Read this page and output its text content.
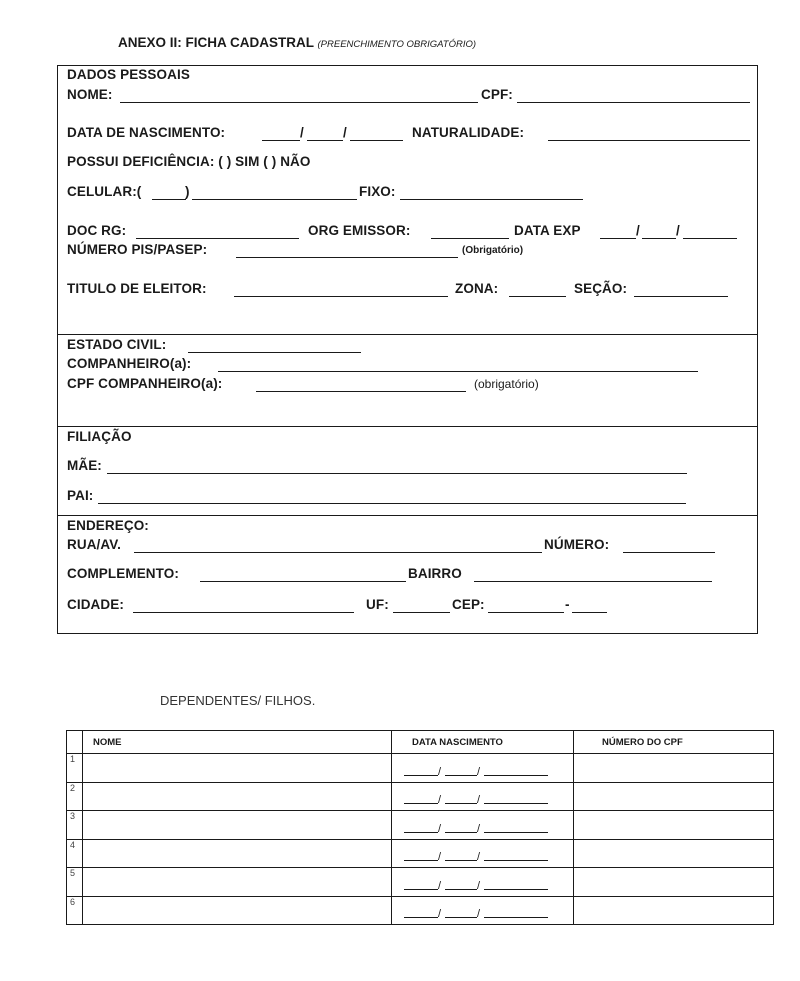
ANEXO II: FICHA CADASTRAL (PREENCHIMENTO OBRIGATÓRIO)
DADOS PESSOAIS
NOME:	CPF:
DATA DE NASCIMENTO:	/	/	NATURALIDADE:
POSSUI DEFICIÊNCIA: ( ) SIM ( ) NÃO
CELULAR:(	)	FIXO:
DOC RG:	ORG EMISSOR:	DATA EXP	/	/
NÚMERO PIS/PASEP:	(Obrigatório)
TITULO DE ELEITOR:	ZONA:	SEÇÃO:
ESTADO CIVIL:
COMPANHEIRO(a):
CPF COMPANHEIRO(a):	(obrigatório)
FILIAÇÃO
MÃE:
PAI:
ENDEREÇO:
RUA/AV.	NÚMERO:
COMPLEMENTO:	BAIRRO
CIDADE:	UF:	CEP:	-
DEPENDENTES/ FILHOS.
	NOME	DATA NASCIMENTO	NÚMERO DO CPF
1		/ /	

2		/ /	

3		/ /	

4		/ /	

5		/ /	

6		/ /	
